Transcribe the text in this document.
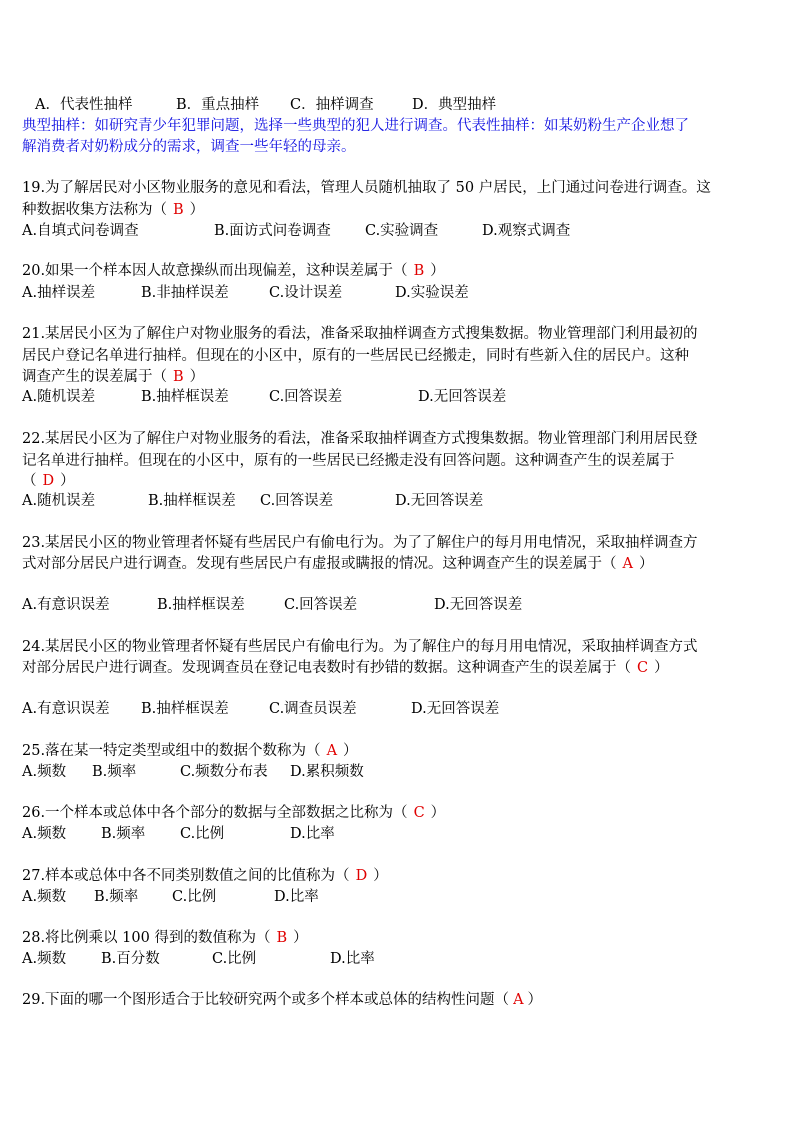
A．代表性抽样	B．重点抽样 C．抽样调查	D．典型抽样
典型抽样：如研究青少年犯罪问题，选择一些典型的犯人进行调查。代表性抽样：如某奶粉生产企业想了
解消费者对奶粉成分的需求，调查一些年轻的母亲。
19.为了解居民对小区物业服务的意见和看法，管理人员随机抽取了 50 户居民，上门通过问卷进行调查。这
种数据收集方法称为（ B ）
A.自填式问卷调查	B.面访式问卷调查 C.实验调查	D.观察式调查
20.如果一个样本因人故意操纵而出现偏差，这种误差属于（ B ）
A.抽样误差	B.非抽样误差	C.设计误差	D.实验误差
21.某居民小区为了解住户对物业服务的看法，准备采取抽样调查方式搜集数据。物业管理部门利用最初的
居民户登记名单进行抽样。但现在的小区中，原有的一些居民已经搬走，同时有些新入住的居民户。这种
调查产生的误差属于（ B ）
A.随机误差	B.抽样框误差	C.回答误差	D.无回答误差
22.某居民小区为了解住户对物业服务的看法，准备采取抽样调查方式搜集数据。物业管理部门利用居民登
记名单进行抽样。但现在的小区中，原有的一些居民已经搬走没有回答问题。这种调查产生的误差属于
（ D ）
A.随机误差	B.抽样框误差 C.回答误差	D.无回答误差
23.某居民小区的物业管理者怀疑有些居民户有偷电行为。为了了解住户的每月用电情况，采取抽样调查方
式对部分居民户进行调查。发现有些居民户有虚报或瞒报的情况。这种调查产生的误差属于（ A ）
A.有意识误差	B.抽样框误差	C.回答误差	D.无回答误差
24.某居民小区的物业管理者怀疑有些居民户有偷电行为。为了解住户的每月用电情况，采取抽样调查方式
对部分居民户进行调查。发现调查员在登记电表数时有抄错的数据。这种调查产生的误差属于（ C ）
A.有意识误差 B.抽样框误差	C.调查员误差	D.无回答误差
25.落在某一特定类型或组中的数据个数称为（ A ）
A.频数 B.频率	C.频数分布表 D.累积频数
26.一个样本或总体中各个部分的数据与全部数据之比称为（ C ）
A.频数 B.频率 C.比例	D.比率
27.样本或总体中各不同类别数值之间的比值称为（ D ）
A.频数 B.频率 C.比例	D.比率
28.将比例乘以 100 得到的数值称为（ B ）
A.频数 B.百分数	C.比例	D.比率
29.下面的哪一个图形适合于比较研究两个或多个样本或总体的结构性问题（ A ）
